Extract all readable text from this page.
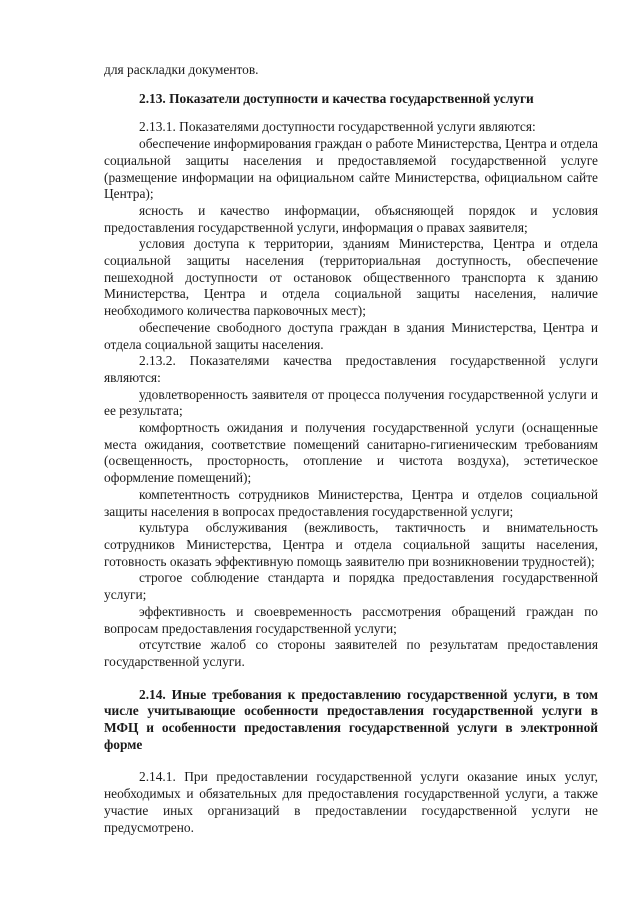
для раскладки документов.

2.13. Показатели доступности и качества государственной услуги

2.13.1. Показателями доступности государственной услуги являются:

обеспечение информирования граждан о работе Министерства, Центра и отдела социальной защиты населения и предоставляемой государственной услуге (размещение информации на официальном сайте Министерства, официальном сайте Центра);

ясность и качество информации, объясняющей порядок и условия предоставления государственной услуги, информация о правах заявителя;

условия доступа к территории, зданиям Министерства, Центра и отдела социальной защиты населения (территориальная доступность, обеспечение пешеходной доступности от остановок общественного транспорта к зданию Министерства, Центра и отдела социальной защиты населения, наличие необходимого количества парковочных мест);

обеспечение свободного доступа граждан в здания Министерства, Центра и отдела социальной защиты населения.

2.13.2. Показателями качества предоставления государственной услуги являются:

удовлетворенность заявителя от процесса получения государственной услуги и ее результата;

комфортность ожидания и получения государственной услуги (оснащенные места ожидания, соответствие помещений санитарно-гигиеническим требованиям (освещенность, просторность, отопление и чистота воздуха), эстетическое оформление помещений);

компетентность сотрудников Министерства, Центра и отделов социальной защиты населения в вопросах предоставления государственной услуги;

культура обслуживания (вежливость, тактичность и внимательность сотрудников Министерства, Центра и отдела социальной защиты населения, готовность оказать эффективную помощь заявителю при возникновении трудностей);

строгое соблюдение стандарта и порядка предоставления государственной услуги;

эффективность и своевременность рассмотрения обращений граждан по вопросам предоставления государственной услуги;

отсутствие жалоб со стороны заявителей по результатам предоставления государственной услуги.

2.14. Иные требования к предоставлению государственной услуги, в том числе учитывающие особенности предоставления государственной услуги в МФЦ и особенности предоставления государственной услуги в электронной форме

2.14.1. При предоставлении государственной услуги оказание иных услуг, необходимых и обязательных для предоставления государственной услуги, а также участие иных организаций в предоставлении государственной услуги не предусмотрено.
